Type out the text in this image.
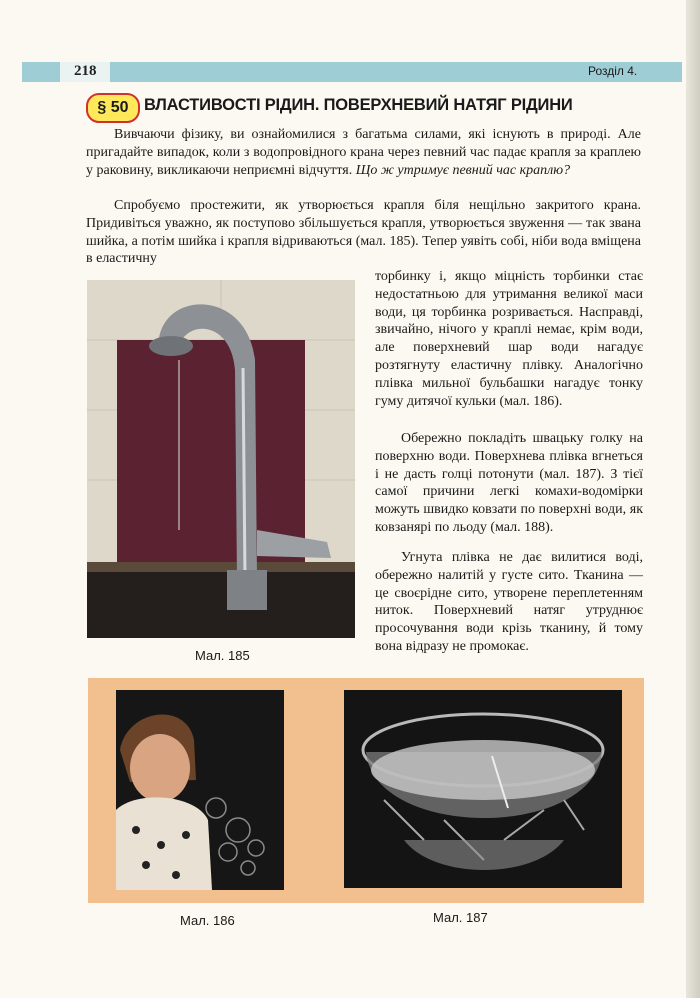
218	Розділ 4.
§ 50 ВЛАСТИВОСТІ РІДИН. ПОВЕРХНЕВИЙ НАТЯГ РІДИНИ
Вивчаючи фізику, ви ознайомилися з багатьма силами, які існують в природі. Але пригадайте випадок, коли з водопровідного крана через певний час падає крапля за краплею у раковину, викликаючи неприємні відчуття. Що ж утримує певний час краплю?
Спробуємо простежити, як утворюється крапля біля нещільно закритого крана. Придивіться уважно, як поступово збільшується крапля, утворюється звуження — так звана шийка, а потім шийка і крапля відриваються (мал. 185). Тепер уявіть собі, ніби вода вміщена в еластичну
торбинку і, якщо міцність торбинки стає недостатньою для утримання великої маси води, ця торбинка розривається. Насправді, звичайно, нічого у краплі немає, крім води, але поверхневий шар води нагадує розтягнуту еластичну плівку. Аналогічно плівка мильної бульбашки нагадує тонку гуму дитячої кульки (мал. 186).
Обережно покладіть швацьку голку на поверхню води. Поверхнева плівка вгнеться і не дасть голці потонути (мал. 187). З тієї самої причини легкі комахи-водомірки можуть швидко ковзати по поверхні води, як ковзанярі по льоду (мал. 188).
Угнута плівка не дає вилитися воді, обережно налитій у густе сито. Тканина — це своєрідне сито, утворене переплетенням ниток. Поверхневий натяг утруднює просочування води крізь тканину, й тому вона відразу не промокає.
Мал. 185
Мал. 186	Мал. 187
